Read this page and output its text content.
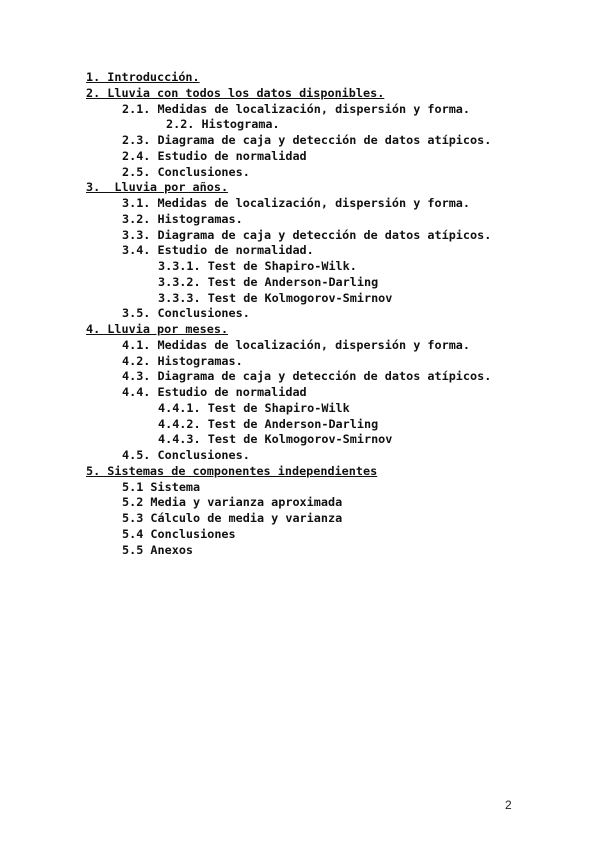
1. Introducción.
2. Lluvia con todos los datos disponibles.
2.1. Medidas de localización, dispersión y forma.
2.2. Histograma.
2.3. Diagrama de caja y detección de datos atípicos.
2.4. Estudio de normalidad
2.5. Conclusiones.
3.  Lluvia por años.
3.1. Medidas de localización, dispersión y forma.
3.2. Histogramas.
3.3. Diagrama de caja y detección de datos atípicos.
3.4. Estudio de normalidad.
3.3.1. Test de Shapiro-Wilk.
3.3.2. Test de Anderson-Darling
3.3.3. Test de Kolmogorov-Smirnov
3.5. Conclusiones.
4. Lluvia por meses.
4.1. Medidas de localización, dispersión y forma.
4.2. Histogramas.
4.3. Diagrama de caja y detección de datos atípicos.
4.4. Estudio de normalidad
4.4.1. Test de Shapiro-Wilk
4.4.2. Test de Anderson-Darling
4.4.3. Test de Kolmogorov-Smirnov
4.5. Conclusiones.
5. Sistemas de componentes independientes
5.1 Sistema
5.2 Media y varianza aproximada
5.3 Cálculo de media y varianza
5.4 Conclusiones
5.5 Anexos
2
